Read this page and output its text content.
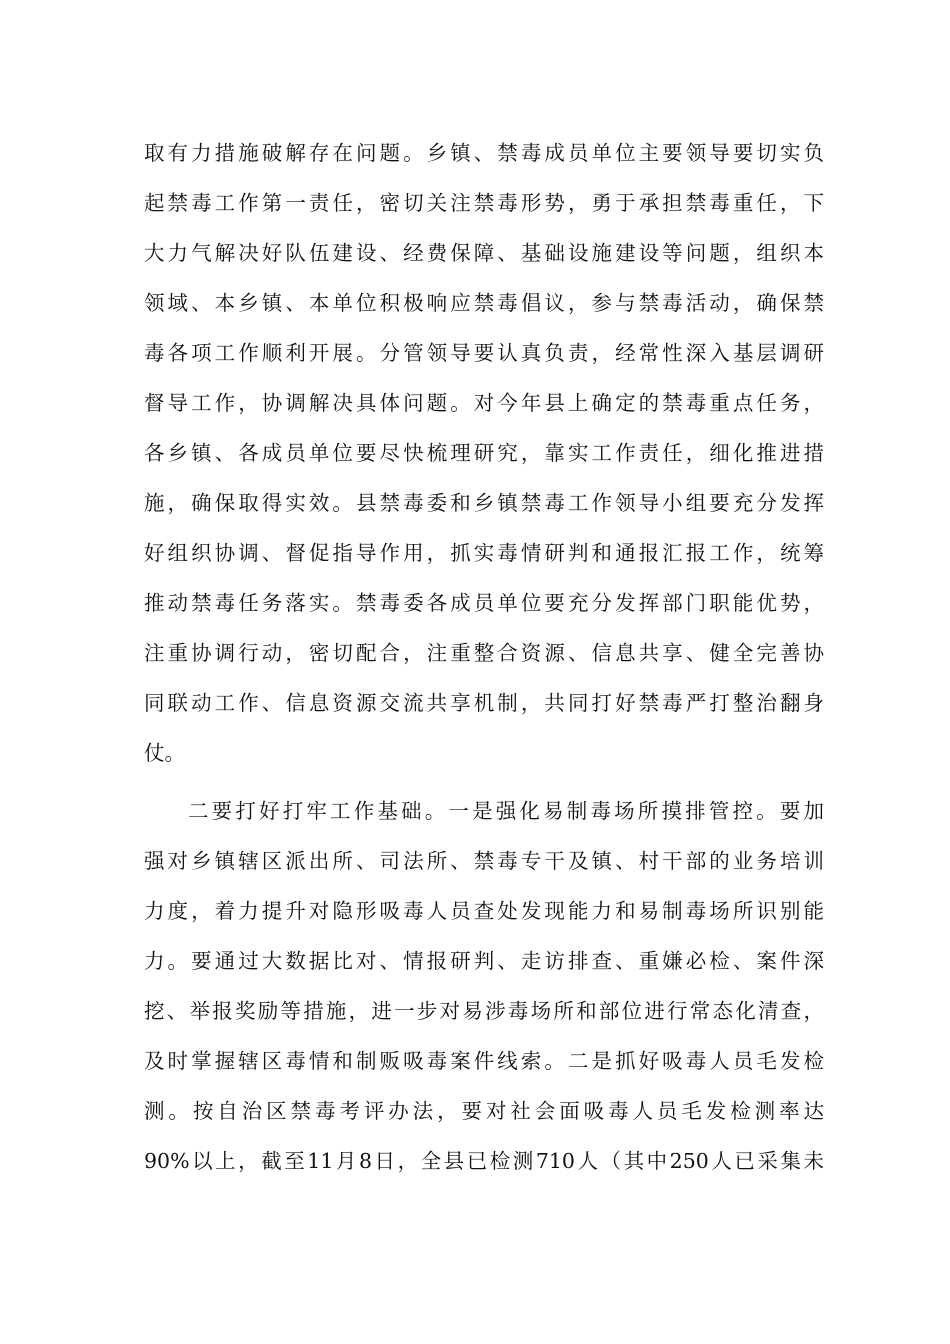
取有力措施破解存在问题。乡镇、禁毒成员单位主要领导要切实负
起禁毒工作第一责任，密切关注禁毒形势，勇于承担禁毒重任，下
大力气解决好队伍建设、经费保障、基础设施建设等问题，组织本
领域、本乡镇、本单位积极响应禁毒倡议，参与禁毒活动，确保禁
毒各项工作顺利开展。分管领导要认真负责，经常性深入基层调研
督导工作，协调解决具体问题。对今年县上确定的禁毒重点任务，
各乡镇、各成员单位要尽快梳理研究，靠实工作责任，细化推进措
施，确保取得实效。县禁毒委和乡镇禁毒工作领导小组要充分发挥
好组织协调、督促指导作用，抓实毒情研判和通报汇报工作，统筹
推动禁毒任务落实。禁毒委各成员单位要充分发挥部门职能优势，
注重协调行动，密切配合，注重整合资源、信息共享、健全完善协
同联动工作、信息资源交流共享机制，共同打好禁毒严打整治翻身
仗。
二要打好打牢工作基础。一是强化易制毒场所摸排管控。要加
强对乡镇辖区派出所、司法所、禁毒专干及镇、村干部的业务培训
力度，着力提升对隐形吸毒人员查处发现能力和易制毒场所识别能
力。要通过大数据比对、情报研判、走访排查、重嫌必检、案件深
挖、举报奖励等措施，进一步对易涉毒场所和部位进行常态化清查，
及时掌握辖区毒情和制贩吸毒案件线索。二是抓好吸毒人员毛发检
测。按自治区禁毒考评办法，要对社会面吸毒人员毛发检测率达
90%以上，截至11月8日，全县已检测710人（其中250人已采集未
